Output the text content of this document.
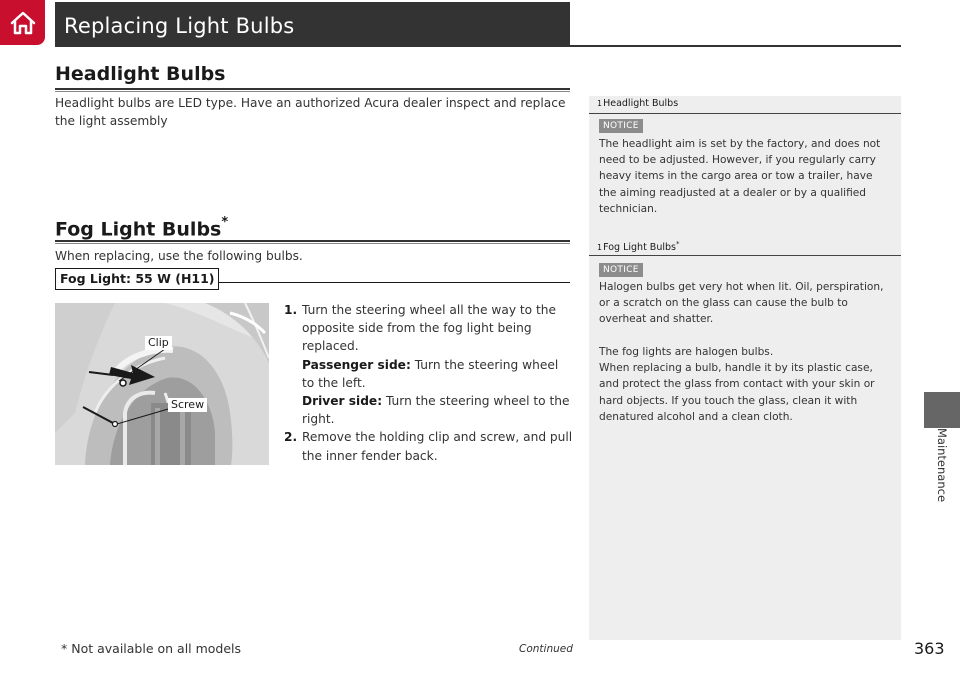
Replacing Light Bulbs
Headlight Bulbs
Headlight bulbs are LED type. Have an authorized Acura dealer inspect and replace the light assembly
Fog Light Bulbs*
When replacing, use the following bulbs.
Fog Light: 55 W (H11)
Clip
Screw
1. Turn the steering wheel all the way to the opposite side from the fog light being replaced.
Passenger side: Turn the steering wheel to the left.
Driver side: Turn the steering wheel to the right.
2. Remove the holding clip and screw, and pull the inner fender back.
1Headlight Bulbs
NOTICE
The headlight aim is set by the factory, and does not need to be adjusted. However, if you regularly carry heavy items in the cargo area or tow a trailer, have the aiming readjusted at a dealer or by a qualified technician.
1Fog Light Bulbs*
NOTICE
Halogen bulbs get very hot when lit. Oil, perspiration, or a scratch on the glass can cause the bulb to overheat and shatter.
The fog lights are halogen bulbs.
When replacing a bulb, handle it by its plastic case, and protect the glass from contact with your skin or hard objects. If you touch the glass, clean it with denatured alcohol and a clean cloth.
Maintenance
* Not available on all models	Continued	363
